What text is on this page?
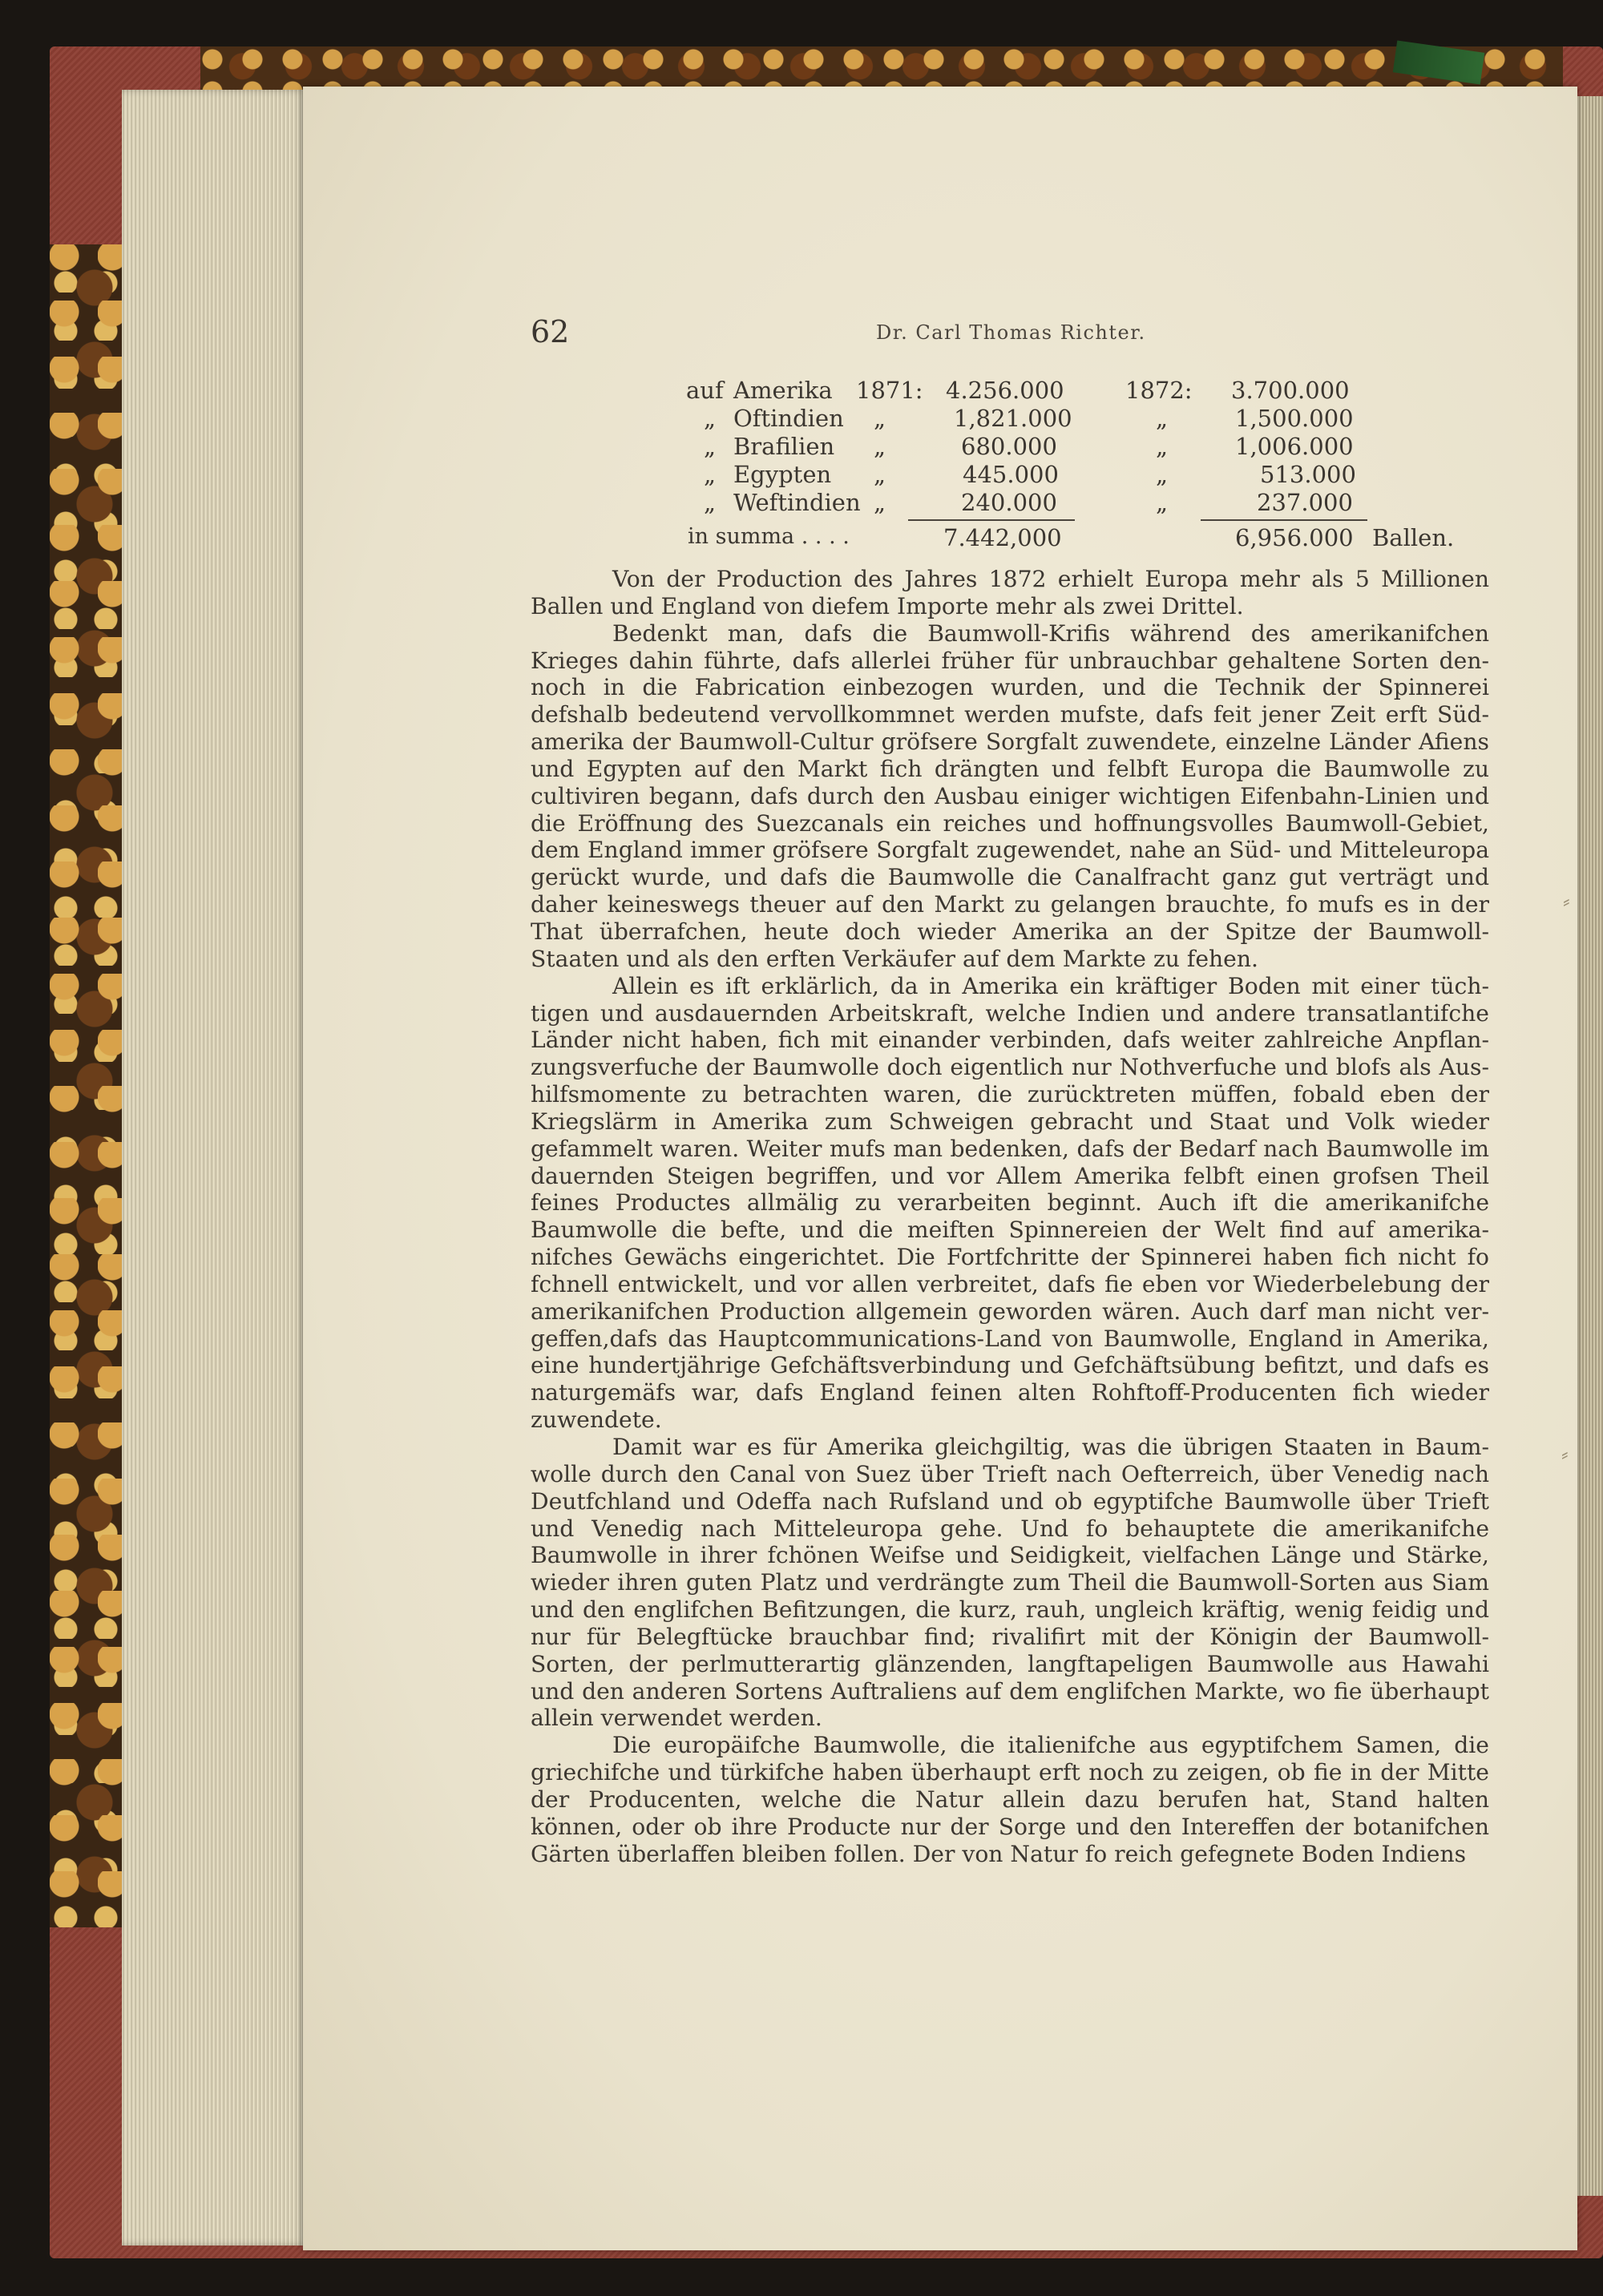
⸗
⸗
62	Dr. Carl Thomas Richter.
auf Amerika 1871: 4.256.000	1872: 3.700.000
„ Oftindien „	1,821.000	„	1,500.000
„ Brafilien „	680.000	„	1,006.000
„ Egypten „	445.000	„	513.000
„ Weftindien „	240.000	„	237.000
in summa . . . .	7.442,000	6,956.000 Ballen.
Von der Production des Jahres 1872 erhielt Europa mehr als 5 Millionen
Ballen und England von diefem Importe mehr als zwei Drittel.
Bedenkt man, dafs die Baumwoll-Krifis während des amerikanifchen
Krieges dahin führte, dafs allerlei früher für unbrauchbar gehaltene Sorten den-
noch in die Fabrication einbezogen wurden, und die Technik der Spinnerei
defshalb bedeutend vervollkommnet werden mufste, dafs feit jener Zeit erft Süd-
amerika der Baumwoll-Cultur gröfsere Sorgfalt zuwendete, einzelne Länder Afiens
und Egypten auf den Markt fich drängten und felbft Europa die Baumwolle zu
cultiviren begann, dafs durch den Ausbau einiger wichtigen Eifenbahn-Linien und
die Eröffnung des Suezcanals ein reiches und hoffnungsvolles Baumwoll-Gebiet,
dem England immer gröfsere Sorgfalt zugewendet, nahe an Süd- und Mitteleuropa
gerückt wurde, und dafs die Baumwolle die Canalfracht ganz gut verträgt und
daher keineswegs theuer auf den Markt zu gelangen brauchte, fo mufs es in der
That überrafchen, heute doch wieder Amerika an der Spitze der Baumwoll-
Staaten und als den erften Verkäufer auf dem Markte zu fehen.
Allein es ift erklärlich, da in Amerika ein kräftiger Boden mit einer tüch-
tigen und ausdauernden Arbeitskraft, welche Indien und andere transatlantifche
Länder nicht haben, fich mit einander verbinden, dafs weiter zahlreiche Anpflan-
zungsverfuche der Baumwolle doch eigentlich nur Nothverfuche und blofs als Aus-
hilfsmomente zu betrachten waren, die zurücktreten müffen, fobald eben der
Kriegslärm in Amerika zum Schweigen gebracht und Staat und Volk wieder
gefammelt waren. Weiter mufs man bedenken, dafs der Bedarf nach Baumwolle im
dauernden Steigen begriffen, und vor Allem Amerika felbft einen grofsen Theil
feines Productes allmälig zu verarbeiten beginnt. Auch ift die amerikanifche
Baumwolle die befte, und die meiften Spinnereien der Welt find auf amerika-
nifches Gewächs eingerichtet. Die Fortfchritte der Spinnerei haben fich nicht fo
fchnell entwickelt, und vor allen verbreitet, dafs fie eben vor Wiederbelebung der
amerikanifchen Production allgemein geworden wären. Auch darf man nicht ver-
geffen,dafs das Hauptcommunications-Land von Baumwolle, England in Amerika,
eine hundertjährige Gefchäftsverbindung und Gefchäftsübung befitzt, und dafs es
naturgemäfs war, dafs England feinen alten Rohftoff-Producenten fich wieder
zuwendete.
Damit war es für Amerika gleichgiltig, was die übrigen Staaten in Baum-
wolle durch den Canal von Suez über Trieft nach Oefterreich, über Venedig nach
Deutfchland und Odeffa nach Rufsland und ob egyptifche Baumwolle über Trieft
und Venedig nach Mitteleuropa gehe. Und fo behauptete die amerikanifche
Baumwolle in ihrer fchönen Weifse und Seidigkeit, vielfachen Länge und Stärke,
wieder ihren guten Platz und verdrängte zum Theil die Baumwoll-Sorten aus Siam
und den englifchen Befitzungen, die kurz, rauh, ungleich kräftig, wenig feidig und
nur für Belegftücke brauchbar find; rivalifirt mit der Königin der Baumwoll-
Sorten, der perlmutterartig glänzenden, langftapeligen Baumwolle aus Hawahi
und den anderen Sortens Auftraliens auf dem englifchen Markte, wo fie überhaupt
allein verwendet werden.
Die europäifche Baumwolle, die italienifche aus egyptifchem Samen, die
griechifche und türkifche haben überhaupt erft noch zu zeigen, ob fie in der Mitte
der Producenten, welche die Natur allein dazu berufen hat, Stand halten
können, oder ob ihre Producte nur der Sorge und den Intereffen der botanifchen
Gärten überlaffen bleiben follen. Der von Natur fo reich gefegnete Boden Indiens
